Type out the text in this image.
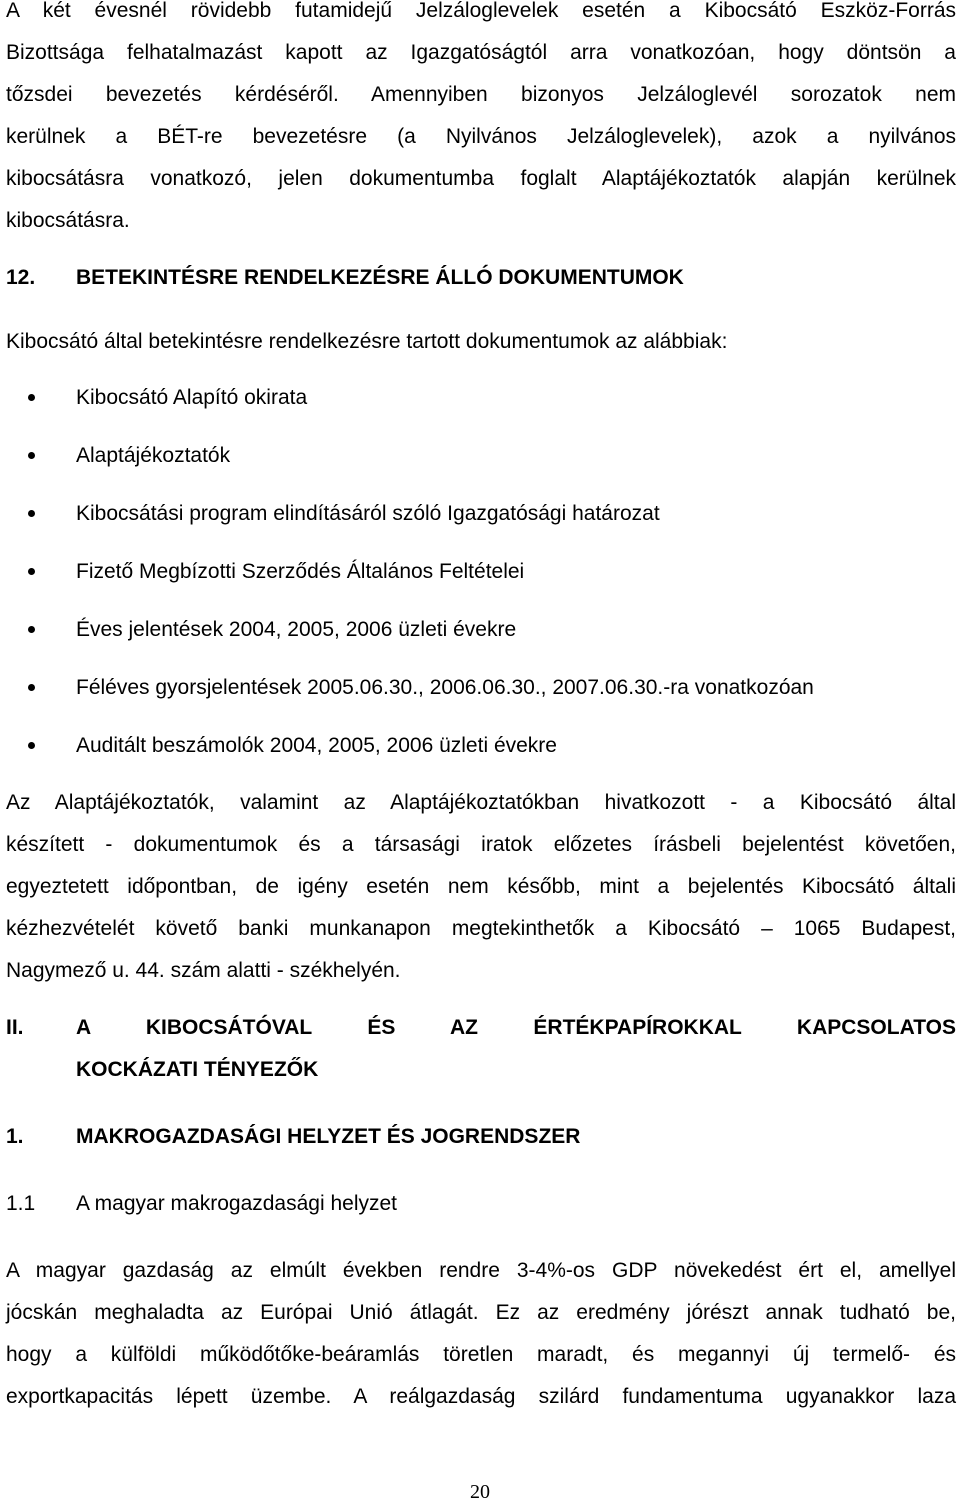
A két évesnél rövidebb futamidejű Jelzáloglevelek esetén a Kibocsátó Eszköz-Forrás
Bizottsága felhatalmazást kapott az Igazgatóságtól arra vonatkozóan, hogy döntsön a
tőzsdei bevezetés kérdéséről. Amennyiben bizonyos Jelzáloglevél sorozatok nem
kerülnek a BÉT-re bevezetésre (a Nyilvános Jelzáloglevelek), azok a nyilvános
kibocsátásra vonatkozó, jelen dokumentumba foglalt Alaptájékoztatók alapján kerülnek
kibocsátásra.
12. BETEKINTÉSRE RENDELKEZÉSRE ÁLLÓ DOKUMENTUMOK
Kibocsátó által betekintésre rendelkezésre tartott dokumentumok az alábbiak:
Kibocsátó Alapító okirata
Alaptájékoztatók
Kibocsátási program elindításáról szóló Igazgatósági határozat
Fizető Megbízotti Szerződés Általános Feltételei
Éves jelentések 2004, 2005, 2006 üzleti évekre
Féléves gyorsjelentések 2005.06.30., 2006.06.30., 2007.06.30.-ra vonatkozóan
Auditált beszámolók 2004, 2005, 2006 üzleti évekre
Az Alaptájékoztatók, valamint az Alaptájékoztatókban hivatkozott - a Kibocsátó által
készített - dokumentumok és a társasági iratok előzetes írásbeli bejelentést követően,
egyeztetett időpontban, de igény esetén nem később, mint a bejelentés Kibocsátó általi
kézhezvételét követő banki munkanapon megtekinthetők a Kibocsátó – 1065 Budapest,
Nagymező u. 44. szám alatti - székhelyén.
II. A KIBOCSÁTÓVAL ÉS AZ ÉRTÉKPAPÍROKKAL KAPCSOLATOS
KOCKÁZATI TÉNYEZŐK
1. MAKROGAZDASÁGI HELYZET ÉS JOGRENDSZER
1.1 A magyar makrogazdasági helyzet
A magyar gazdaság az elmúlt években rendre 3-4%-os GDP növekedést ért el, amellyel
jócskán meghaladta az Európai Unió átlagát. Ez az eredmény jórészt annak tudható be,
hogy a külföldi működőtőke-beáramlás töretlen maradt, és megannyi új termelő- és
exportkapacitás lépett üzembe. A reálgazdaság szilárd fundamentuma ugyanakkor laza
20
